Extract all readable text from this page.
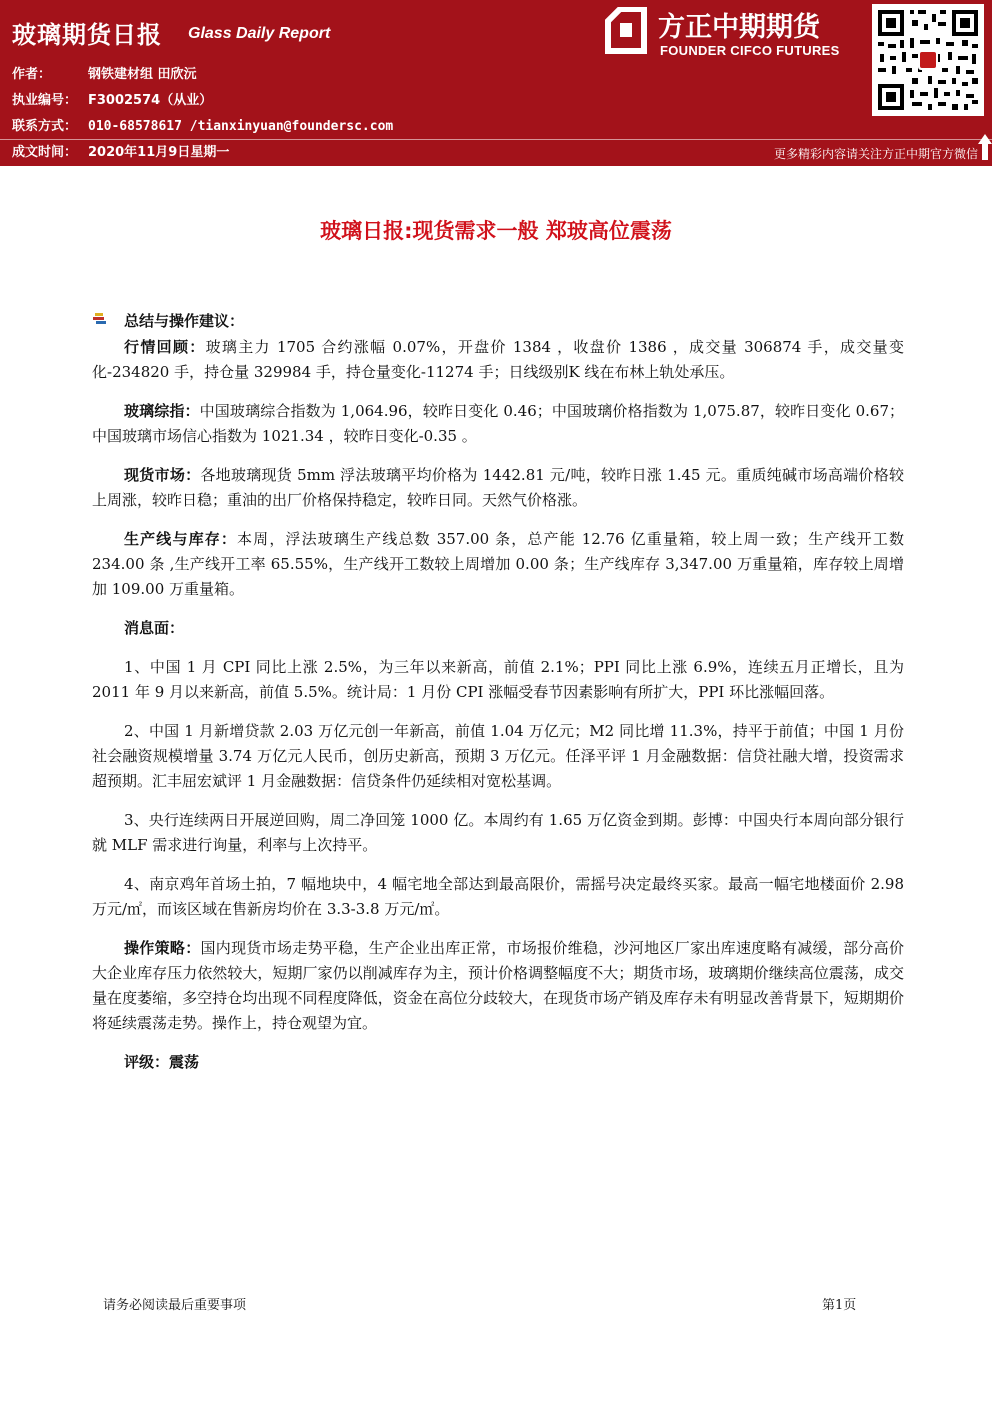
玻璃期货日报 Glass Daily Report
作者：	钢铁建材组 田欣沅
执业编号： F3002574（从业）
联系方式： 010-68578617 /tianxinyuan@foundersc.com
成文时间： 2020年11月9日星期一
方正中期期货
FOUNDER CIFCO FUTURES
更多精彩内容请关注方正中期官方微信
玻璃日报:现货需求一般 郑玻高位震荡
总结与操作建议：

行情回顾：玻璃主力 1705 合约涨幅 0.07%，开盘价 1384 ，收盘价 1386 ，成交量 306874 手，成交量变化-234820 手，持仓量 329984 手，持仓量变化-11274 手；日线级别K 线在布林上轨处承压。

玻璃综指：中国玻璃综合指数为 1,064.96，较昨日变化 0.46；中国玻璃价格指数为 1,075.87，较昨日变化 0.67；中国玻璃市场信心指数为 1021.34 ，较昨日变化-0.35 。

现货市场：各地玻璃现货 5mm 浮法玻璃平均价格为 1442.81 元/吨，较昨日涨 1.45 元。重质纯碱市场高端价格较上周涨，较昨日稳；重油的出厂价格保持稳定，较昨日同。天然气价格涨。

生产线与库存：本周，浮法玻璃生产线总数 357.00 条，总产能 12.76 亿重量箱，较上周一致；生产线开工数 234.00 条 ,生产线开工率 65.55%，生产线开工数较上周增加 0.00 条；生产线库存 3,347.00 万重量箱，库存较上周增加 109.00 万重量箱。

消息面：

1、中国 1 月 CPI 同比上涨 2.5%，为三年以来新高，前值 2.1%；PPI 同比上涨 6.9%，连续五月正增长，且为 2011 年 9 月以来新高，前值 5.5%。统计局：1 月份 CPI 涨幅受春节因素影响有所扩大，PPI 环比涨幅回落。

2、中国 1 月新增贷款 2.03 万亿元创一年新高，前值 1.04 万亿元；M2 同比增 11.3%，持平于前值；中国 1 月份社会融资规模增量 3.74 万亿元人民币，创历史新高，预期 3 万亿元。任泽平评 1 月金融数据：信贷社融大增，投资需求超预期。汇丰屈宏斌评 1 月金融数据：信贷条件仍延续相对宽松基调。

3、央行连续两日开展逆回购，周二净回笼 1000 亿。本周约有 1.65 万亿资金到期。彭博：中国央行本周向部分银行就 MLF 需求进行询量，利率与上次持平。

4、南京鸡年首场土拍，7 幅地块中，4 幅宅地全部达到最高限价，需摇号决定最终买家。最高一幅宅地楼面价 2.98 万元/㎡，而该区域在售新房均价在 3.3-3.8 万元/㎡。

操作策略：国内现货市场走势平稳，生产企业出库正常，市场报价维稳，沙河地区厂家出库速度略有减缓，部分高价大企业库存压力依然较大，短期厂家仍以削减库存为主，预计价格调整幅度不大；期货市场，玻璃期价继续高位震荡，成交量在度萎缩，多空持仓均出现不同程度降低，资金在高位分歧较大，在现货市场产销及库存未有明显改善背景下，短期期价将延续震荡走势。操作上，持仓观望为宜。

评级：震荡

请务必阅读最后重要事项	第1页
